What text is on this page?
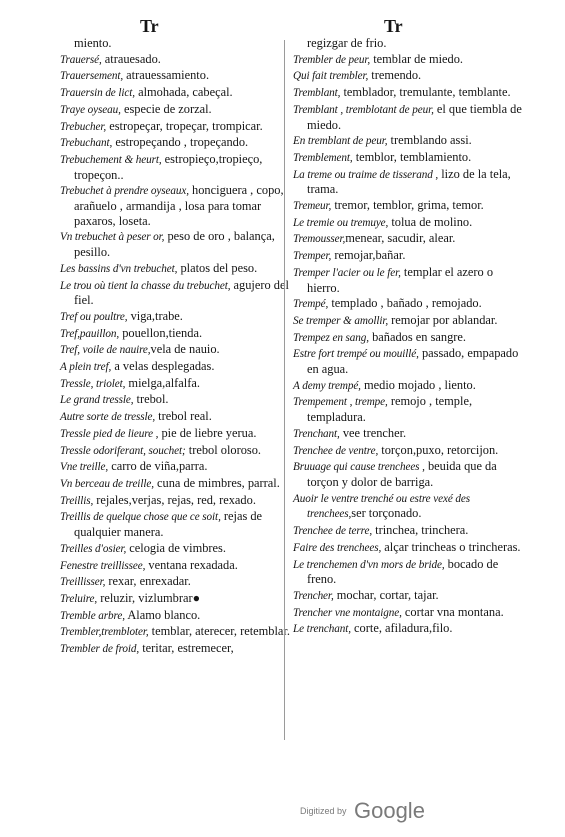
Tr	Tr
miento.
Trauersé, atrauesado.
Trauersement, atrauessamiento.
Trauersin de lict, almohada, cabeçal.
Traye oyseau, especie de zorzal.
Trebucher, estropeçar, tropeçar, trompicar.
Trebuchant, estropeçando , tropeçando.
Trebuchement & heurt, estropieço,tropieço, tropeçon..
Trebuchet à prendre oyseaux, honciguera , copo, arañuelo , armandija , losa para tomar paxaros, loseta.
Vn trebuchet à peser or, peso de oro , balança, pesillo.
Les bassins d'vn trebuchet, platos del peso.
Le trou où tient la chasse du trebuchet, agujero del fiel.
Tref ou poultre, viga,trabe.
Tref,pauillon, pouellon,tienda.
Tref, voile de nauire,vela de nauio.
A plein tref, a velas desplegadas.
Tressle, triolet, mielga,alfalfa.
Le grand tressle, trebol.
Autre sorte de tressle, trebol real.
Tressle pied de lieure , pie de liebre yerua.
Tressle odoriferant, souchet; trebol oloroso.
Vne treille, carro de viña,parra.
Vn berceau de treille, cuna de mimbres, parral.
Treillis, rejales,verjas, rejas, red, rexado.
Treillis de quelque chose que ce soit, rejas de qualquier manera.
Treilles d'osier, celogia de vimbres.
Fenestre treillissee, ventana rexadada.
Treillisser, rexar, enrexadar.
Treluire, reluzir, vizlumbrar●
Tremble arbre, Alamo blanco.
Trembler,trembloter, temblar, aterecer, retemblar.
Trembler de froid, teritar, estremecer,
regizgar de frio.
Trembler de peur, temblar de miedo.
Qui fait trembler, tremendo.
Tremblant, temblador, tremulante, temblante.
Tremblant , tremblotant de peur, el que tiembla de miedo.
En tremblant de peur, tremblando assi.
Tremblement, temblor, temblamiento.
La treme ou traime de tisserand , lizo de la tela, trama.
Tremeur, tremor, temblor, grima, temor.
Le tremie ou tremuye, tolua de molino.
Tremousser,menear, sacudir, alear.
Tremper, remojar,bañar.
Tremper l'acier ou le fer, templar el azero o hierro.
Trempé, templado , bañado , remojado.
Se tremper & amollir, remojar por ablandar.
Trempez en sang, bañados en sangre.
Estre fort trempé ou mouillé, passado, empapado en agua.
A demy trempé, medio mojado , liento.
Trempement , trempe, remojo , temple, templadura.
Trenchant, vee trencher.
Trenchee de ventre, torçon,puxo, retorcijon.
Bruuage qui cause trenchees , beuida que da torçon y dolor de barriga.
Auoir le ventre trenché ou estre vexé des trenchees,ser torçonado.
Trenchee de terre, trinchea, trinchera.
Faire des trenchees, alçar trincheas o trincheras.
Le trenchemen d'vn mors de bride, bocado de freno.
Trencher, mochar, cortar, tajar.
Trencher vne montaigne, cortar vna montana.
Le trenchant, corte, afiladura,filo.
Digitized by Google
